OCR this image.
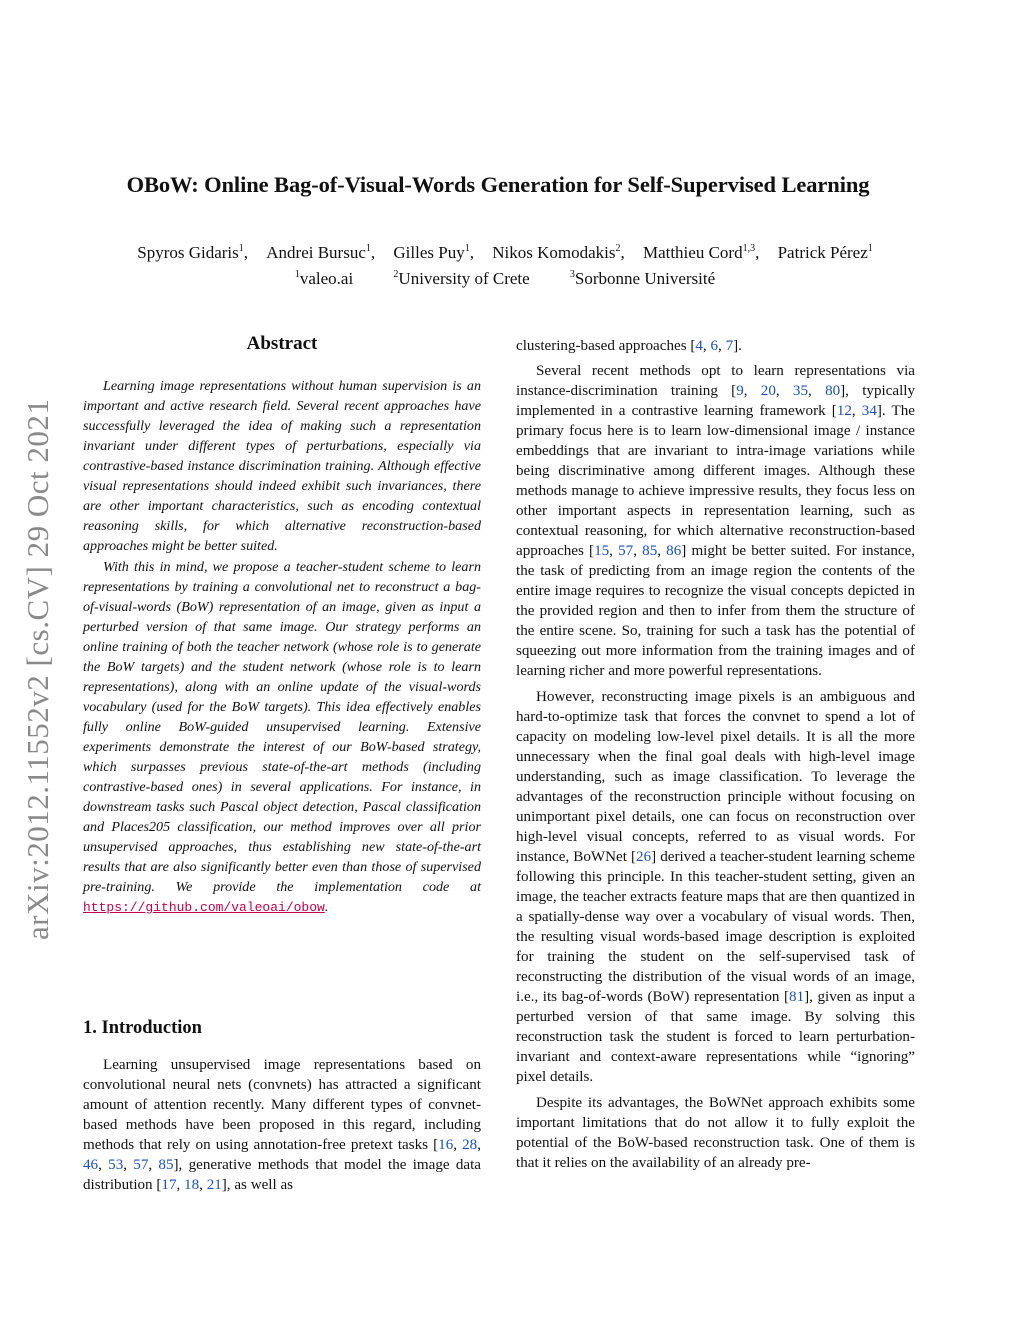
arXiv:2012.11552v2 [cs.CV] 29 Oct 2021
OBoW: Online Bag-of-Visual-Words Generation for Self-Supervised Learning
Spyros Gidaris$^1$, Andrei Bursuc$^1$, Gilles Puy$^1$, Nikos Komodakis$^2$, Matthieu Cord$^{1,3}$, Patrick Pérez$^1$
$^1$valeo.ai	$^2$University of Crete	$^3$Sorbonne Université
Abstract

Learning image representations without human supervision is an important and active research field. Several recent approaches have successfully leveraged the idea of making such a representation invariant under different types of perturbations, especially via contrastive-based instance discrimination training. Although effective visual representations should indeed exhibit such invariances, there are other important characteristics, such as encoding contextual reasoning skills, for which alternative reconstruction-based approaches might be better suited.

With this in mind, we propose a teacher-student scheme to learn representations by training a convolutional net to reconstruct a bag-of-visual-words (BoW) representation of an image, given as input a perturbed version of that same image. Our strategy performs an online training of both the teacher network (whose role is to generate the BoW targets) and the student network (whose role is to learn representations), along with an online update of the visual-words vocabulary (used for the BoW targets). This idea effectively enables fully online BoW-guided unsupervised learning. Extensive experiments demonstrate the interest of our BoW-based strategy, which surpasses previous state-of-the-art methods (including contrastive-based ones) in several applications. For instance, in downstream tasks such Pascal object detection, Pascal classification and Places205 classification, our method improves over all prior unsupervised approaches, thus establishing new state-of-the-art results that are also significantly better even than those of supervised pre-training. We provide the implementation code at https://github.com/valeoai/obow.

1. Introduction

Learning unsupervised image representations based on convolutional neural nets (convnets) has attracted a significant amount of attention recently. Many different types of convnet-based methods have been proposed in this regard, including methods that rely on using annotation-free pretext tasks [16, 28, 46, 53, 57, 85], generative methods that model the image data distribution [17, 18, 21], as well as

clustering-based approaches [4, 6, 7].

Several recent methods opt to learn representations via instance-discrimination training [9, 20, 35, 80], typically implemented in a contrastive learning framework [12, 34]. The primary focus here is to learn low-dimensional image / instance embeddings that are invariant to intra-image variations while being discriminative among different images. Although these methods manage to achieve impressive results, they focus less on other important aspects in representation learning, such as contextual reasoning, for which alternative reconstruction-based approaches [15, 57, 85, 86] might be better suited. For instance, the task of predicting from an image region the contents of the entire image requires to recognize the visual concepts depicted in the provided region and then to infer from them the structure of the entire scene. So, training for such a task has the potential of squeezing out more information from the training images and of learning richer and more powerful representations.

However, reconstructing image pixels is an ambiguous and hard-to-optimize task that forces the convnet to spend a lot of capacity on modeling low-level pixel details. It is all the more unnecessary when the final goal deals with high-level image understanding, such as image classification. To leverage the advantages of the reconstruction principle without focusing on unimportant pixel details, one can focus on reconstruction over high-level visual concepts, referred to as visual words. For instance, BoWNet [26] derived a teacher-student learning scheme following this principle. In this teacher-student setting, given an image, the teacher extracts feature maps that are then quantized in a spatially-dense way over a vocabulary of visual words. Then, the resulting visual words-based image description is exploited for training the student on the self-supervised task of reconstructing the distribution of the visual words of an image, i.e., its bag-of-words (BoW) representation [81], given as input a perturbed version of that same image. By solving this reconstruction task the student is forced to learn perturbation-invariant and context-aware representations while “ignoring” pixel details.

Despite its advantages, the BoWNet approach exhibits some important limitations that do not allow it to fully exploit the potential of the BoW-based reconstruction task. One of them is that it relies on the availability of an already pre-
